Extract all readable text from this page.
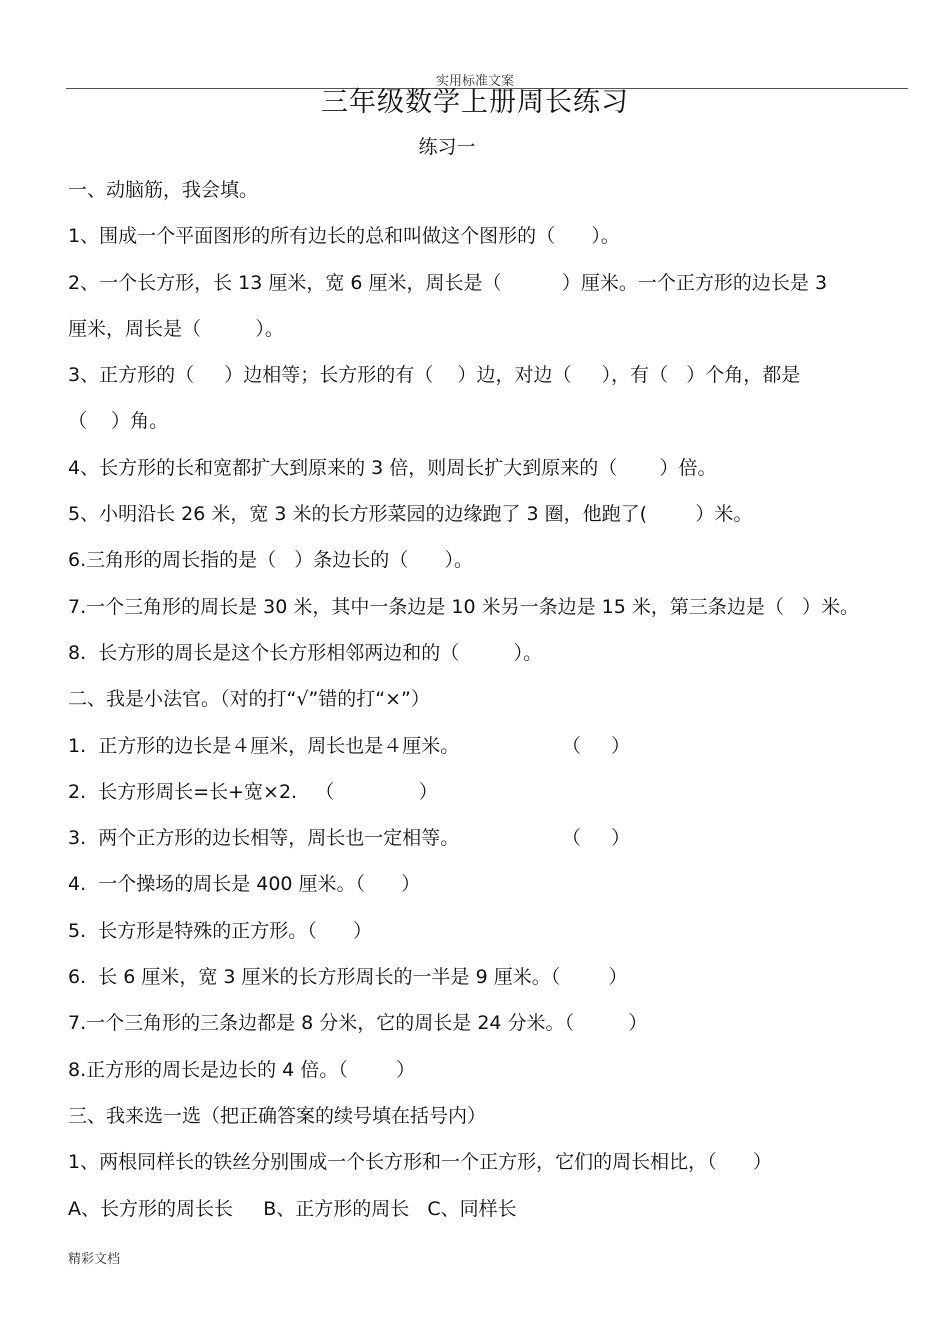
实用标准文案
三年级数学上册周长练习
练习一
一、动脑筋，我会填。
1、围成一个平面图形的所有边长的总和叫做这个图形的（      ）。
2、一个长方形，长 13 厘米，宽 6 厘米，周长是（          ）厘米。一个正方形的边长是 3
厘米，周长是（         ）。
3、正方形的（     ）边相等；长方形的有（    ）边，对边（     ），有（   ）个角，都是
（    ）角。
4、长方形的长和宽都扩大到原来的 3 倍，则周长扩大到原来的（       ）倍。
5、小明沿长 26 米，宽 3 米的长方形菜园的边缘跑了 3 圈，他跑了(        ）米。
6.三角形的周长指的是（   ）条边长的（      ）。
7.一个三角形的周长是 30 米，其中一条边是 10 米另一条边是 15 米，第三条边是（   ）米。
8.  长方形的周长是这个长方形相邻两边和的（         ）。
二、我是小法官。（对的打“√”错的打“×”）
1.  正方形的边长是４厘米，周长也是４厘米。                 （     ）
2.  长方形周长=长+宽×2.   （              ）
3.  两个正方形的边长相等，周长也一定相等。                 （     ）
4.  一个操场的周长是 400 厘米。（      ）
5.  长方形是特殊的正方形。（      ）
6.  长 6 厘米，宽 3 厘米的长方形周长的一半是 9 厘米。（        ）
7.一个三角形的三条边都是 8 分米，它的周长是 24 分米。（         ）
8.正方形的周长是边长的 4 倍。（        ）
三、我来选一选（把正确答案的续号填在括号内）
1、两根同样长的铁丝分别围成一个长方形和一个正方形，它们的周长相比，（      ）
A、长方形的周长长     B、正方形的周长   C、同样长
精彩文档
